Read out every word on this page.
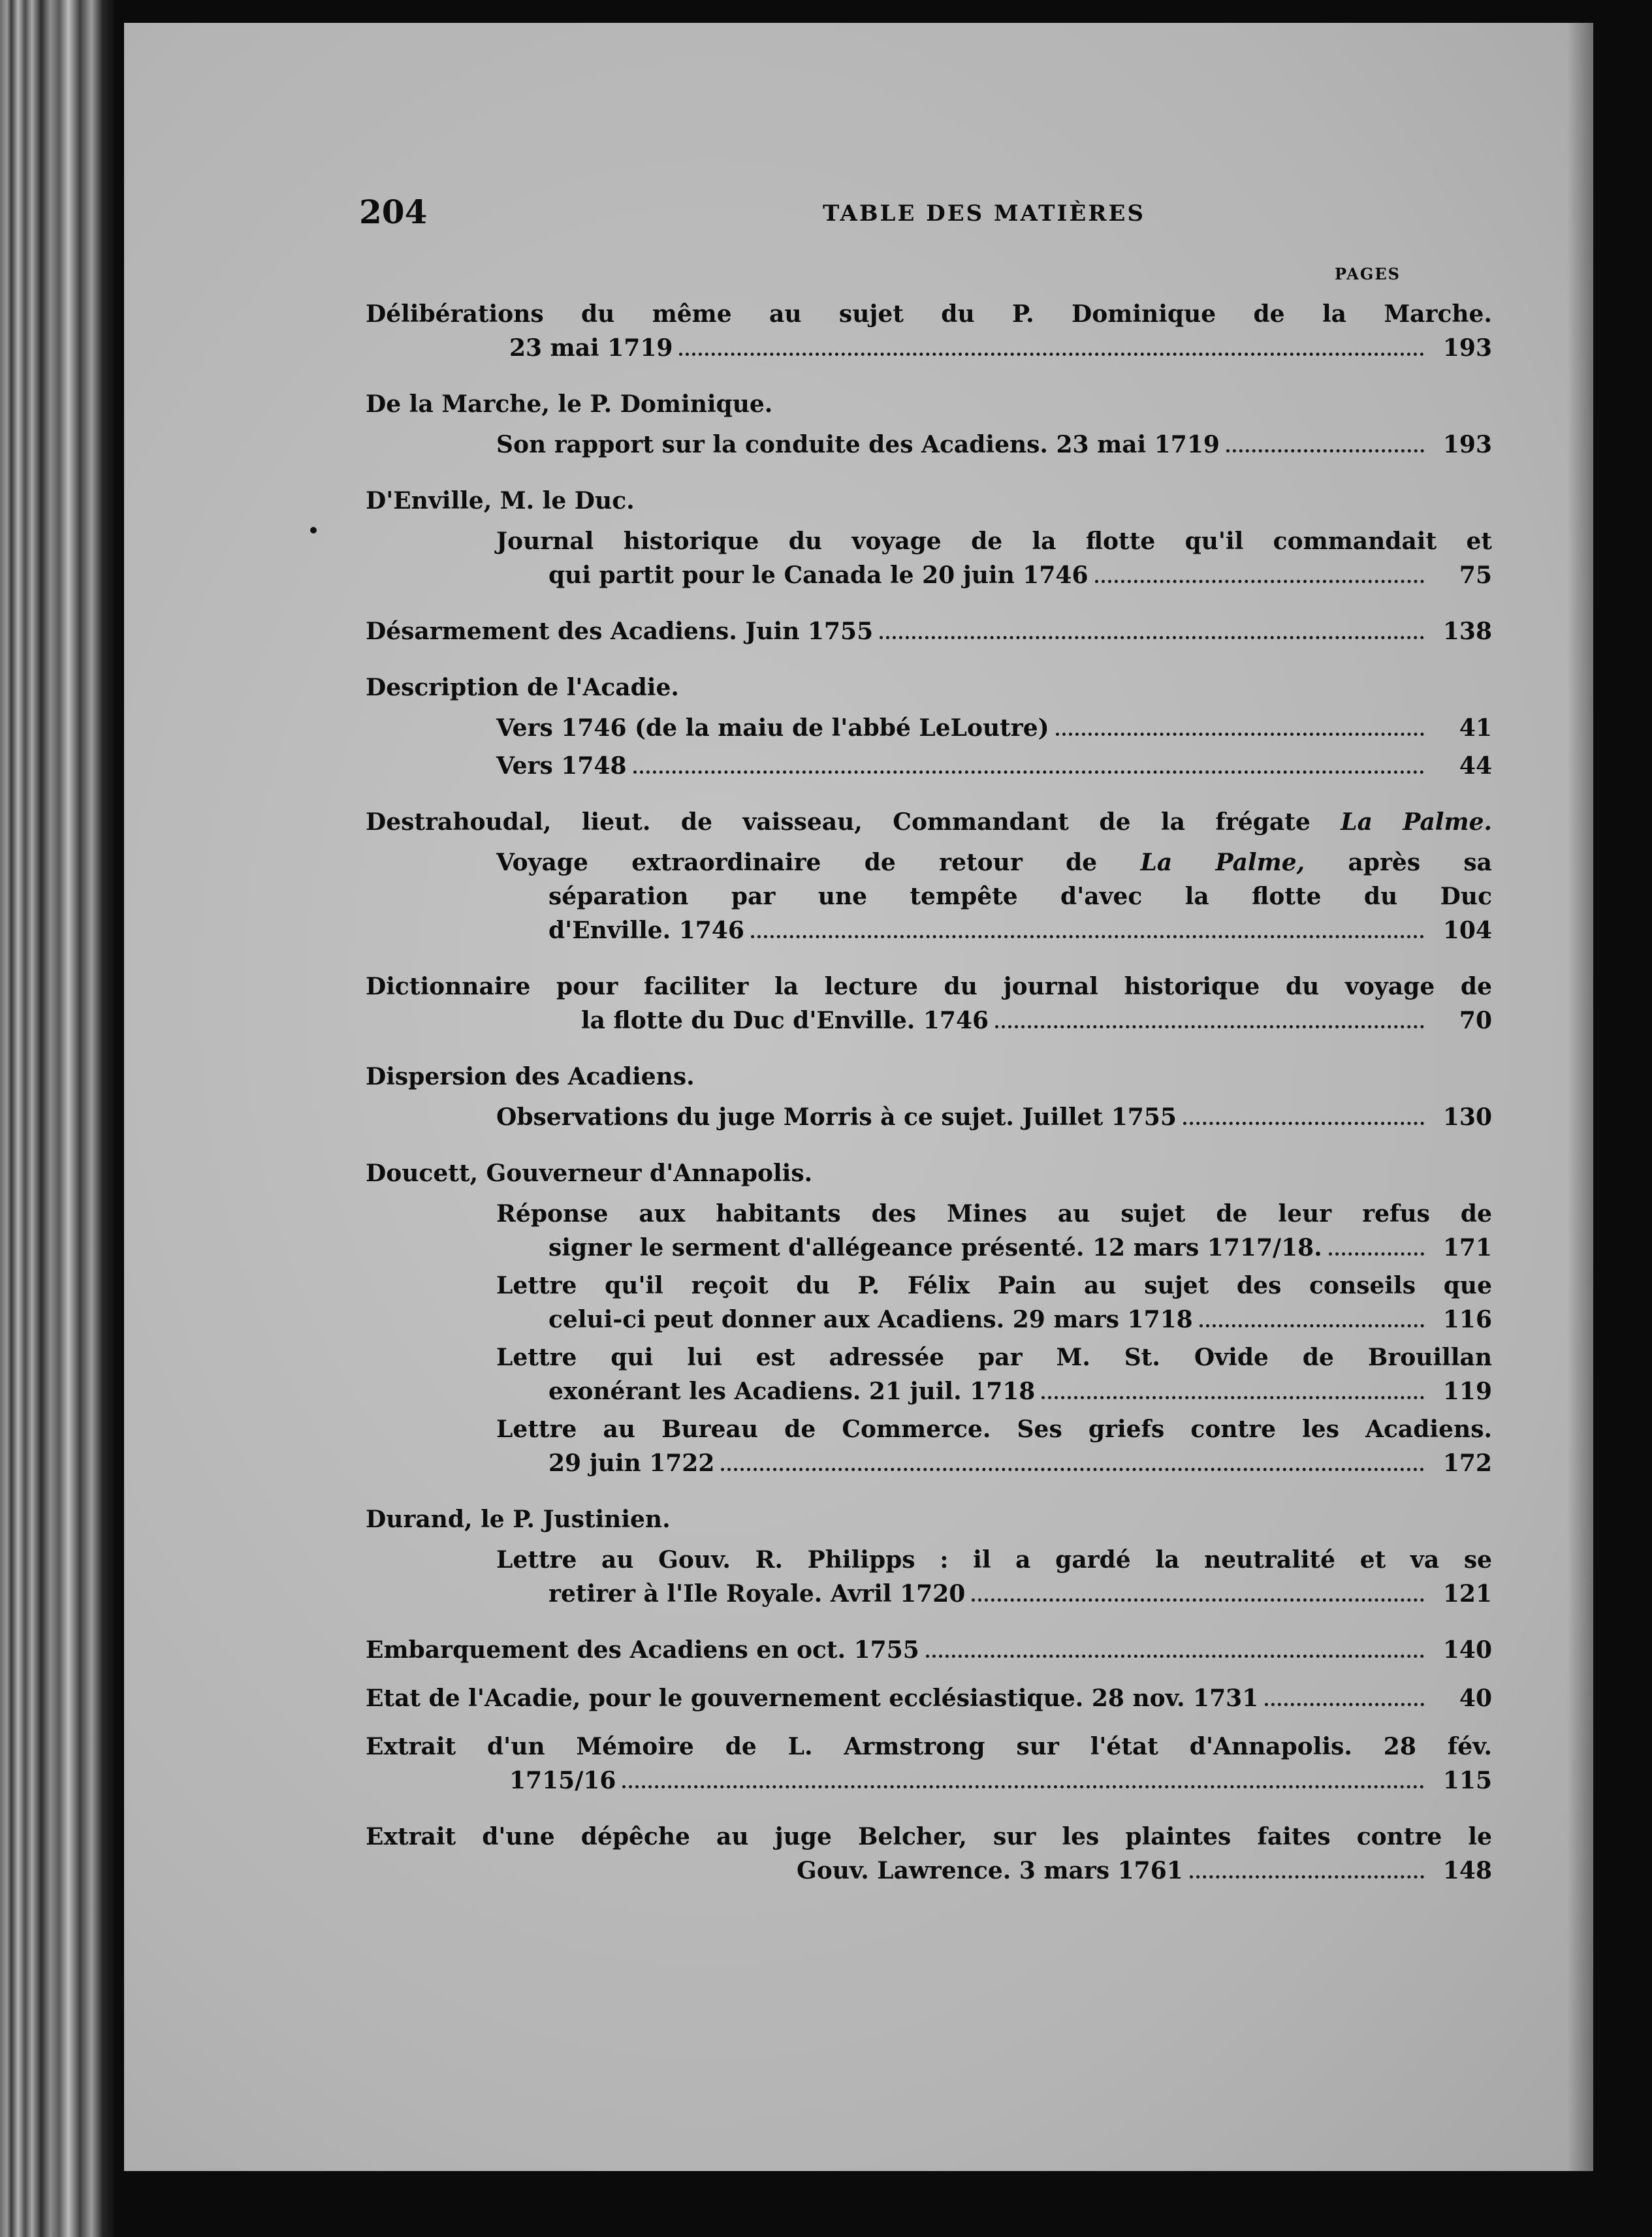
204	TABLE DES MATIÈRES
PAGES
Délibérations du même au sujet du P. Dominique de la Marche.
23 mai 1719	193
De la Marche, le P. Dominique.
Son rapport sur la conduite des Acadiens. 23 mai 1719	193
D'Enville, M. le Duc.
Journal historique du voyage de la flotte qu'il commandait et
qui partit pour le Canada le 20 juin 1746	75
Désarmement des Acadiens. Juin 1755	138
Description de l'Acadie.
Vers 1746 (de la maiu de l'abbé LeLoutre)	41
Vers 1748	44
Destrahoudal, lieut. de vaisseau, Commandant de la frégate La Palme.
Voyage extraordinaire de retour de La Palme, après sa
séparation par une tempête d'avec la flotte du Duc
d'Enville. 1746	104
Dictionnaire pour faciliter la lecture du journal historique du voyage de
la flotte du Duc d'Enville. 1746	70
Dispersion des Acadiens.
Observations du juge Morris à ce sujet. Juillet 1755	130
Doucett, Gouverneur d'Annapolis.
Réponse aux habitants des Mines au sujet de leur refus de
signer le serment d'allégeance présenté. 12 mars 1717/18.	171
Lettre qu'il reçoit du P. Félix Pain au sujet des conseils que
celui-ci peut donner aux Acadiens. 29 mars 1718	116
Lettre qui lui est adressée par M. St. Ovide de Brouillan
exonérant les Acadiens. 21 juil. 1718	119
Lettre au Bureau de Commerce. Ses griefs contre les Acadiens.
29 juin 1722	172
Durand, le P. Justinien.
Lettre au Gouv. R. Philipps : il a gardé la neutralité et va se
retirer à l'Ile Royale. Avril 1720	121
Embarquement des Acadiens en oct. 1755	140
Etat de l'Acadie, pour le gouvernement ecclésiastique. 28 nov. 1731	40
Extrait d'un Mémoire de L. Armstrong sur l'état d'Annapolis. 28 fév.
1715/16	115
Extrait d'une dépêche au juge Belcher, sur les plaintes faites contre le
Gouv. Lawrence. 3 mars 1761	148
